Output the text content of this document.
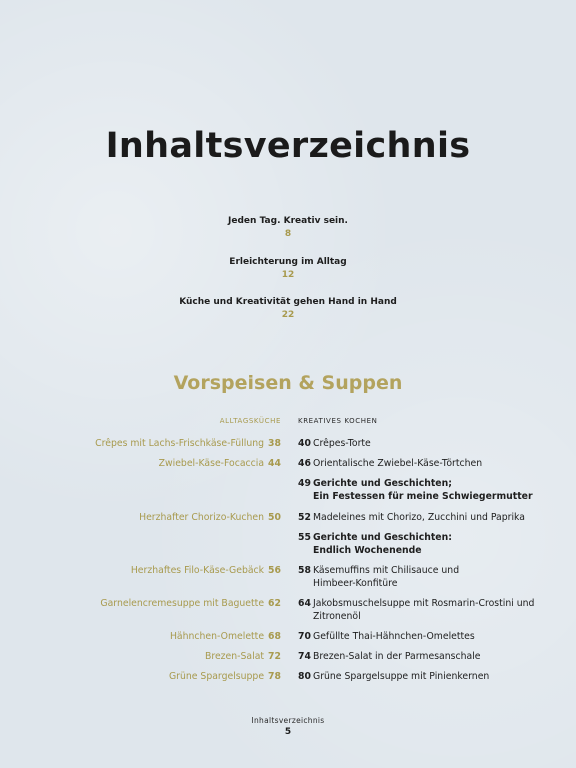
Inhaltsverzeichnis
Jeden Tag. Kreativ sein.
8
Erleichterung im Alltag
12
Küche und Kreativität gehen Hand in Hand
22
Vorspeisen & Suppen
ALLTAGSKÜCHE KREATIVES KOCHEN
Crêpes mit Lachs-Frischkäse-Füllung 38 40 Crêpes-Torte
Zwiebel-Käse-Focaccia 44 46 Orientalische Zwiebel-Käse-Törtchen
49 Gerichte und Geschichten;
Ein Festessen für meine Schwiegermutter
Herzhafter Chorizo-Kuchen 50 52 Madeleines mit Chorizo, Zucchini und Paprika
55 Gerichte und Geschichten:
Endlich Wochenende
Herzhaftes Filo-Käse-Gebäck 56 58 Käsemuffins mit Chilisauce und
Himbeer-Konfitüre
Garnelencremesuppe mit Baguette 62 64 Jakobsmuschelsuppe mit Rosmarin-Crostini und
Zitronenöl
Hähnchen-Omelette 68 70 Gefüllte Thai-Hähnchen-Omelettes
Brezen-Salat 72 74 Brezen-Salat in der Parmesanschale
Grüne Spargelsuppe 78 80 Grüne Spargelsuppe mit Pinienkernen
Inhaltsverzeichnis
5
